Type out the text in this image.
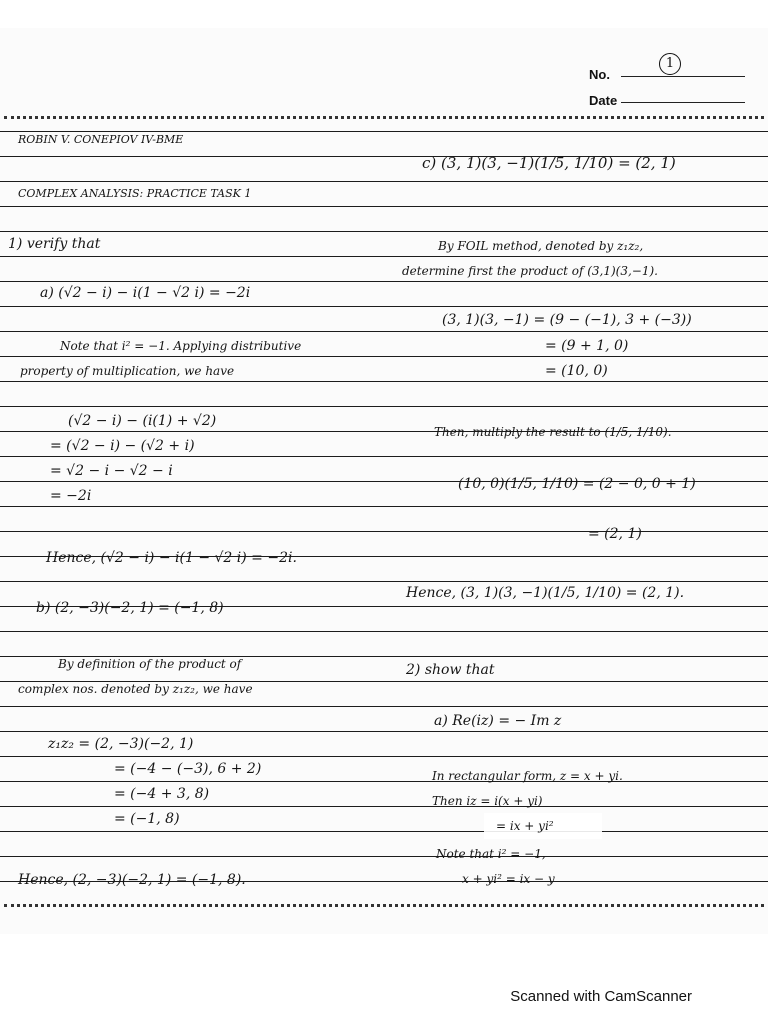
No.
1
Date
ROBIN V. CONEPIOV IV-BME
COMPLEX ANALYSIS: PRACTICE TASK 1
1) verify that
a) (√2 − i) − i(1 − √2 i) = −2i
Note that i² = −1. Applying distributive
property of multiplication, we have
(√2 − i) − (i(1) + √2)
= (√2 − i) − (√2 + i)
= √2 − i − √2 − i
= −2i
Hence, (√2 − i) − i(1 − √2 i) = −2i.
b) (2, −3)(−2, 1) = (−1, 8)
By definition of the product of
complex nos. denoted by z₁z₂, we have
z₁z₂ = (2, −3)(−2, 1)
= (−4 − (−3), 6 + 2)
= (−4 + 3, 8)
= (−1, 8)
Hence, (2, −3)(−2, 1) = (−1, 8).
c) (3, 1)(3, −1)(1/5, 1/10) = (2, 1)
By FOIL method, denoted by z₁z₂,
determine first the product of (3,1)(3,−1).
(3, 1)(3, −1) = (9 − (−1), 3 + (−3))
= (9 + 1, 0)
= (10, 0)
Then, multiply the result to (1/5, 1/10).
(10, 0)(1/5, 1/10) = (2 − 0, 0 + 1)
= (2, 1)
Hence, (3, 1)(3, −1)(1/5, 1/10) = (2, 1).
2) show that
a) Re(iz) = − Im z
In rectangular form, z = x + yi.
Then iz = i(x + yi)
= ix + yi²
Note that i² = −1,
x + yi² = ix − y
Scanned with CamScanner
